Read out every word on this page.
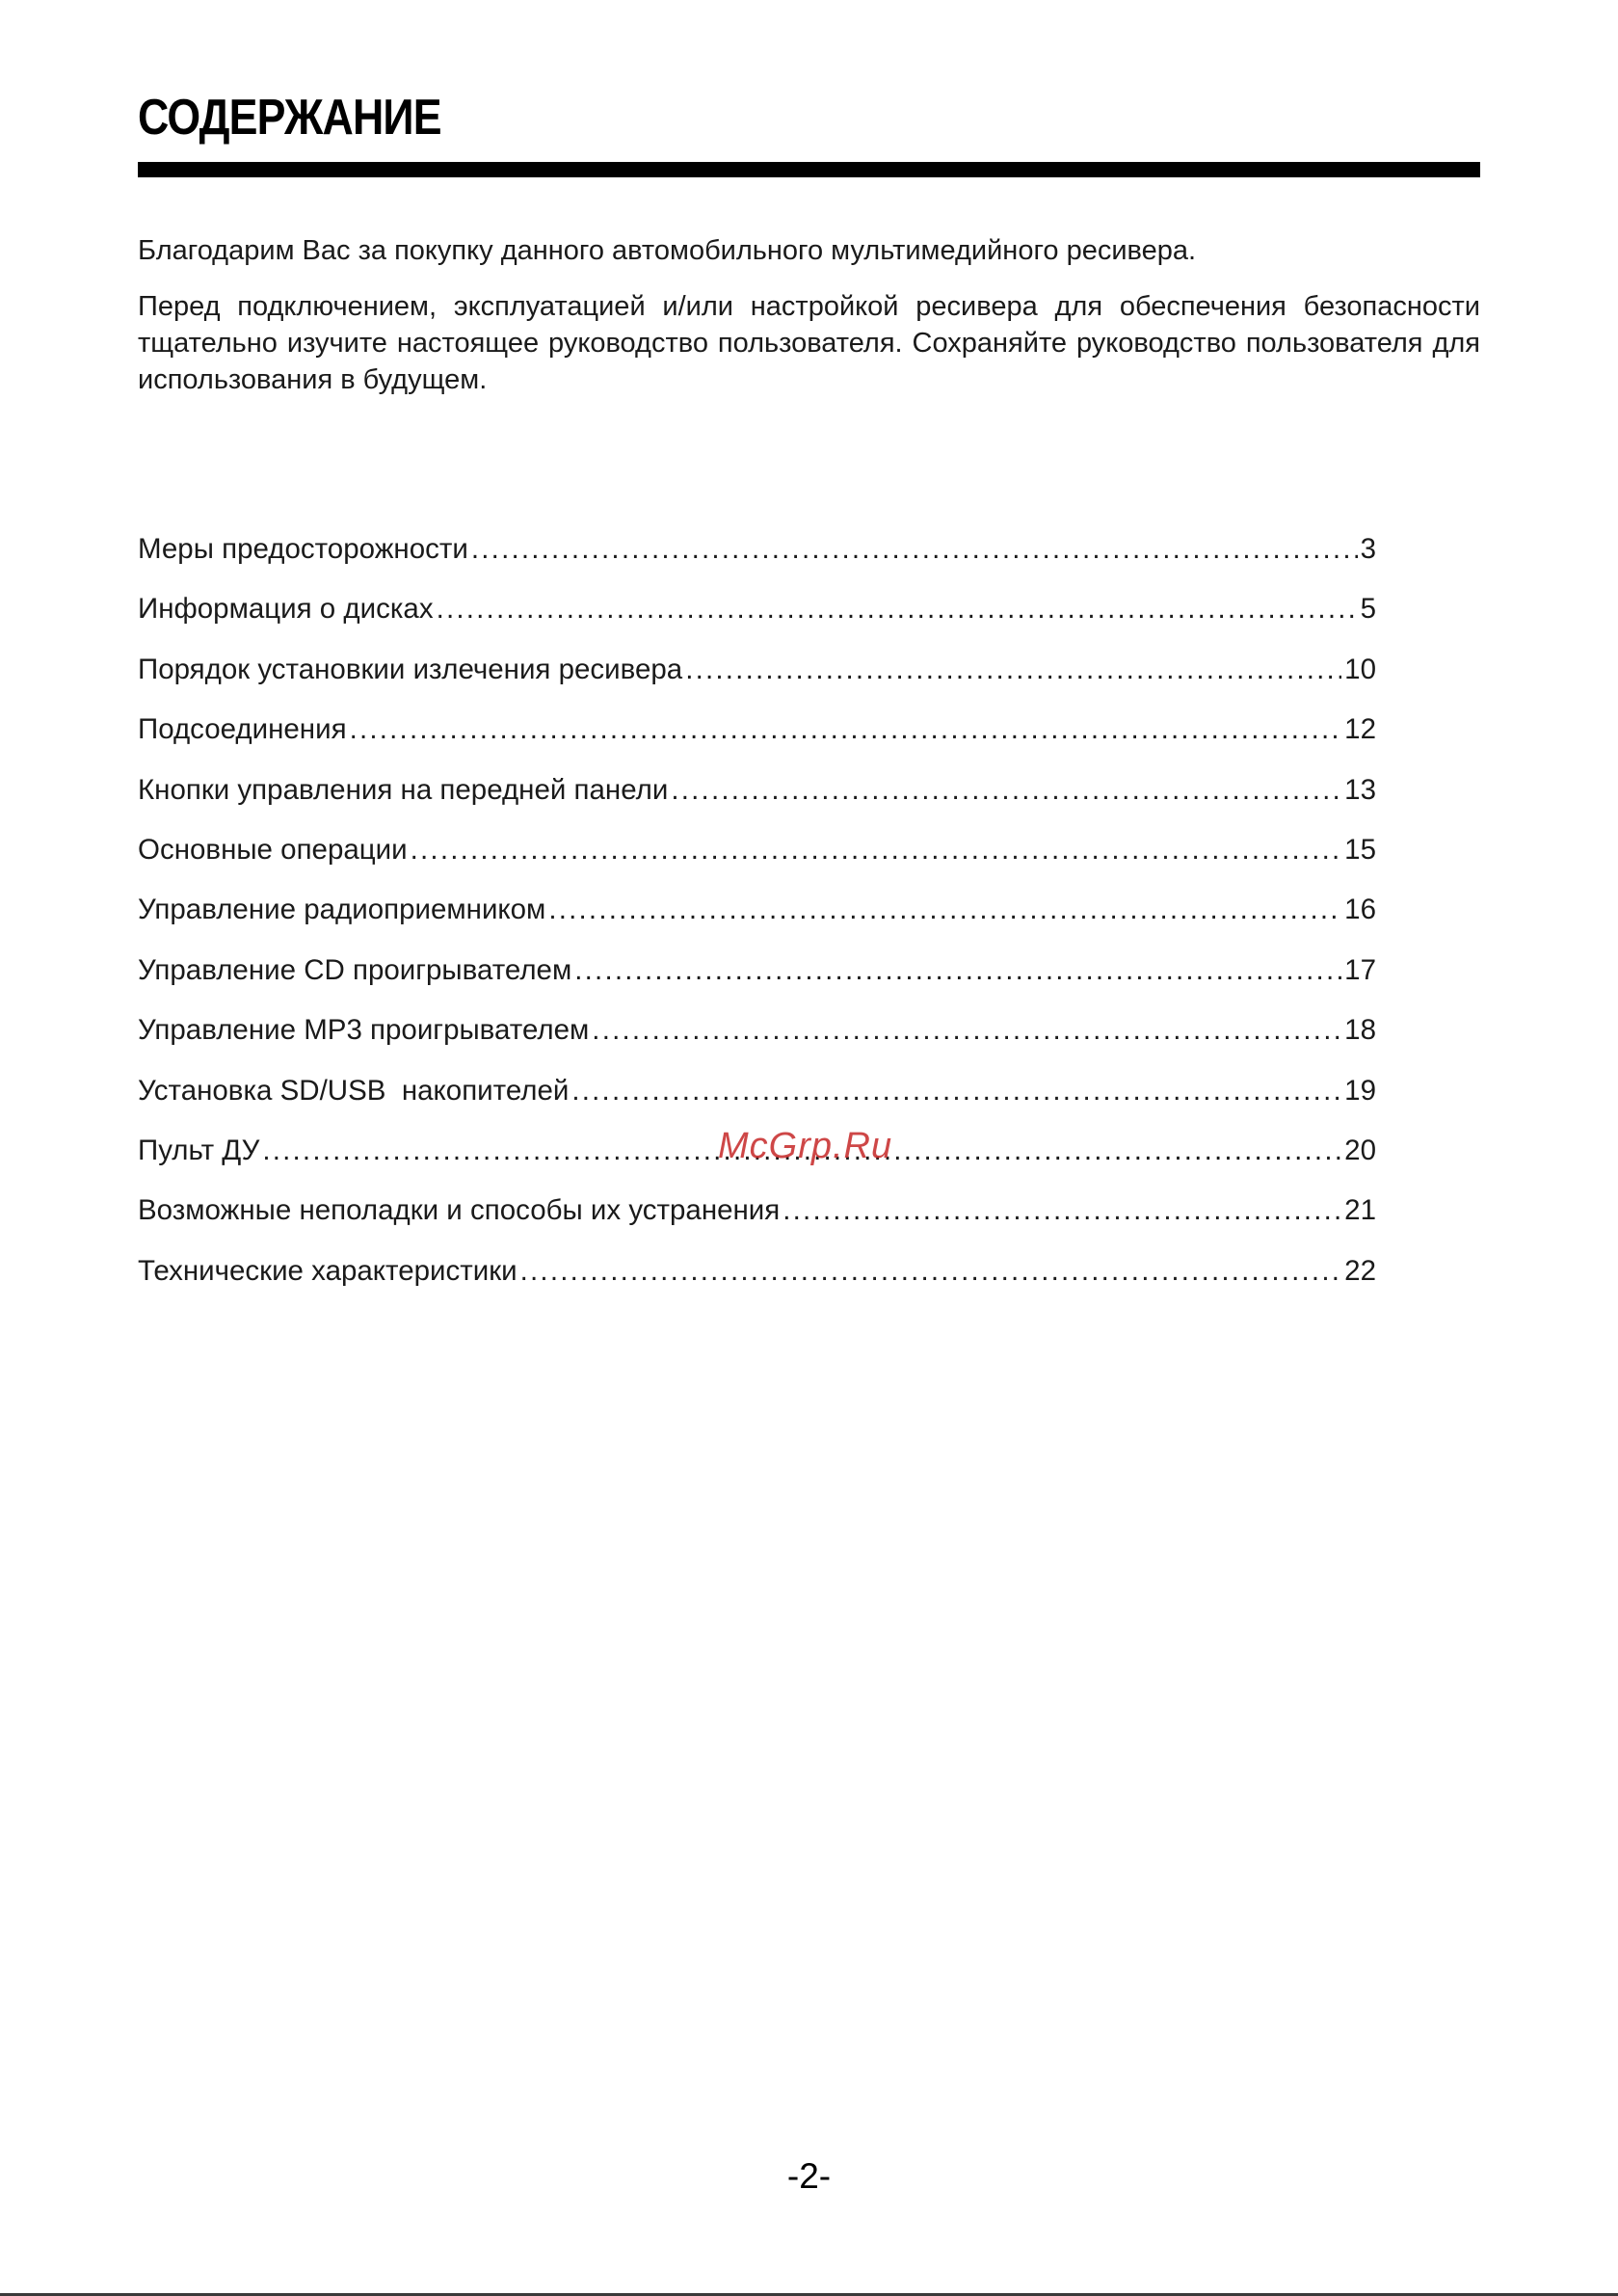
СОДЕРЖАНИЕ

Благодарим Вас за покупку данного автомобильного мультимедийного ресивера.

Перед подключением, эксплуатацией и/или настройкой ресивера для обеспечения безопасности тщательно изучите настоящее руководство пользователя. Сохраняйте руководство пользователя для использования в будущем.

Меры предосторожности .....	3
Информация о дисках .....	5
Порядок установкии излечения ресивера .....	10
Подсоединения .....	12
Кнопки управления на передней панели .....	13
Основные операции .....	15
Управление радиоприемником .....	16
Управление CD проигрывателем .....	17
Управление MP3 проигрывателем .....	18
Установка SD/USB  накопителей .....	19
Пульт ДУ .....	20
Возможные неполадки и способы их устранения .....	21
Технические характеристики .....	22
McGrp.Ru
-2-
